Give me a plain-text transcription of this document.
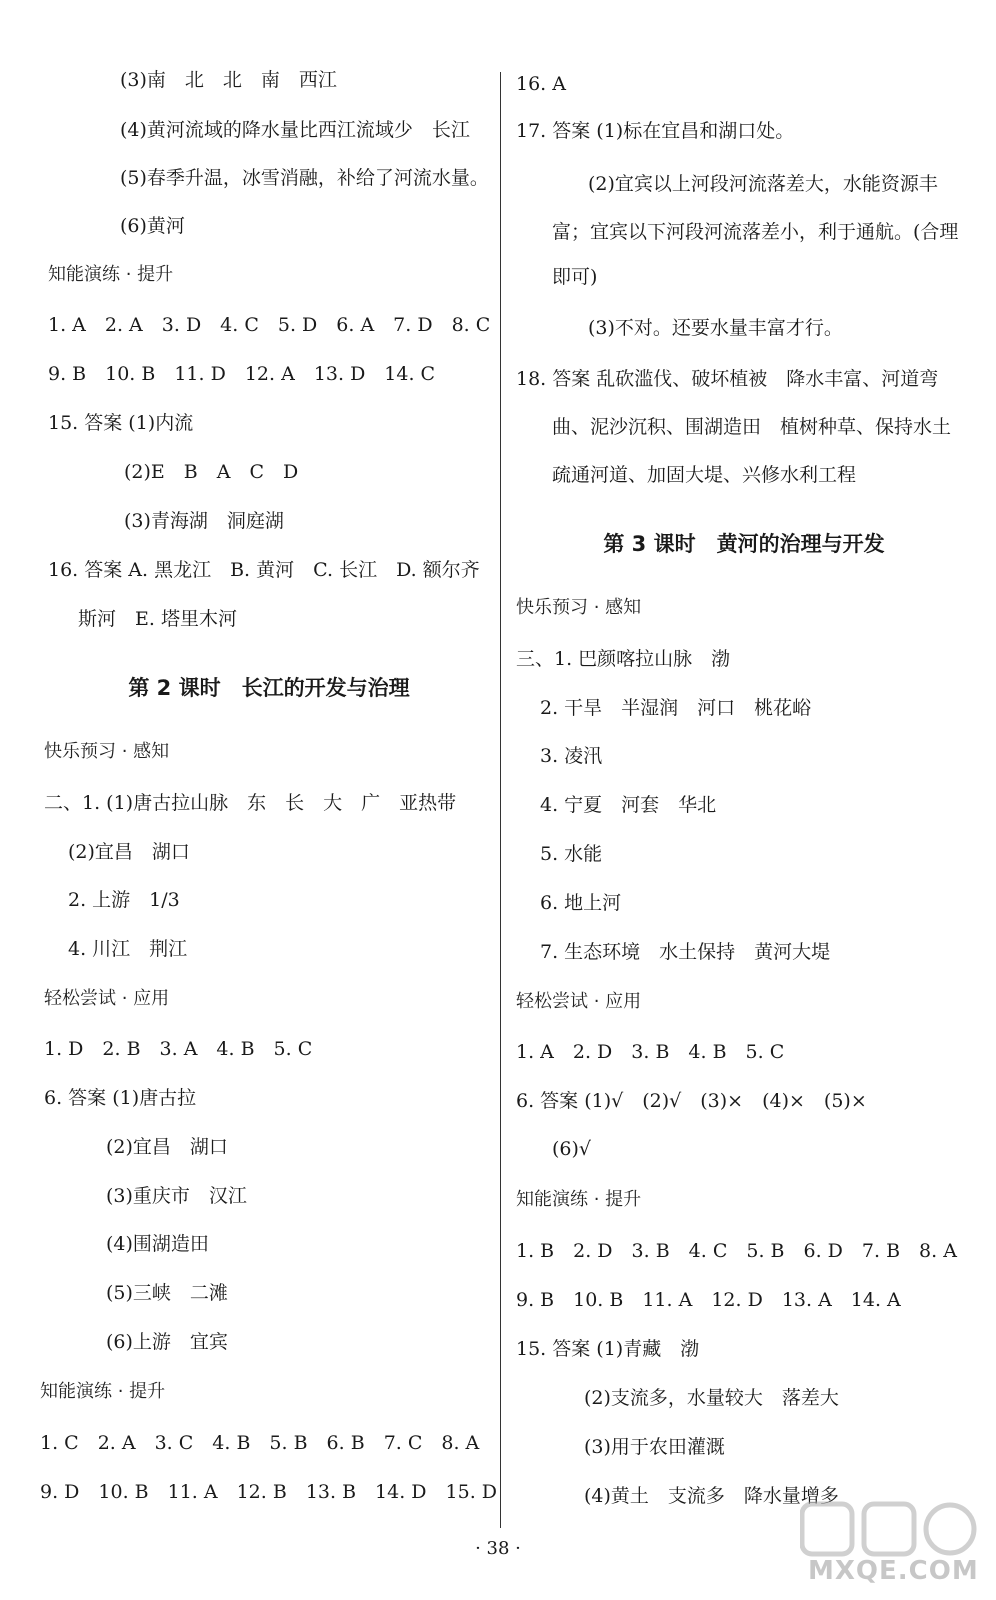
(3)南　北　北　南　西江
(4)黄河流域的降水量比西江流域少　长江
(5)春季升温，冰雪消融，补给了河流水量。
(6)黄河
知能演练 · 提升
1. A　2. A　3. D　4. C　5. D　6. A　7. D　8. C
9. B　10. B　11. D　12. A　13. D　14. C
15. 答案 (1)内流
(2)E　B　A　C　D
(3)青海湖　洞庭湖
16. 答案 A. 黑龙江　B. 黄河　C. 长江　D. 额尔齐
斯河　E. 塔里木河
第 2 课时　长江的开发与治理
快乐预习 · 感知
二、1. (1)唐古拉山脉　东　长　大　广　亚热带
(2)宜昌　湖口
2. 上游　1/3
4. 川江　荆江
轻松尝试 · 应用
1. D　2. B　3. A　4. B　5. C
6. 答案 (1)唐古拉
(2)宜昌　湖口
(3)重庆市　汉江
(4)围湖造田
(5)三峡　二滩
(6)上游　宜宾
知能演练 · 提升
1. C　2. A　3. C　4. B　5. B　6. B　7. C　8. A
9. D　10. B　11. A　12. B　13. B　14. D　15. D
16. A
17. 答案 (1)标在宜昌和湖口处。
(2)宜宾以上河段河流落差大，水能资源丰
富；宜宾以下河段河流落差小，利于通航。(合理
即可)
(3)不对。还要水量丰富才行。
18. 答案 乱砍滥伐、破坏植被　降水丰富、河道弯
曲、泥沙沉积、围湖造田　植树种草、保持水土
疏通河道、加固大堤、兴修水利工程
第 3 课时　黄河的治理与开发
快乐预习 · 感知
三、1. 巴颜喀拉山脉　渤
2. 干旱　半湿润　河口　桃花峪
3. 凌汛
4. 宁夏　河套　华北
5. 水能
6. 地上河
7. 生态环境　水土保持　黄河大堤
轻松尝试 · 应用
1. A　2. D　3. B　4. B　5. C
6. 答案 (1)√　(2)√　(3)×　(4)×　(5)×
(6)√
知能演练 · 提升
1. B　2. D　3. B　4. C　5. B　6. D　7. B　8. A
9. B　10. B　11. A　12. D　13. A　14. A
15. 答案 (1)青藏　渤
(2)支流多，水量较大　落差大
(3)用于农田灌溉
(4)黄土　支流多　降水量增多
· 38 ·
MXQE.COM
